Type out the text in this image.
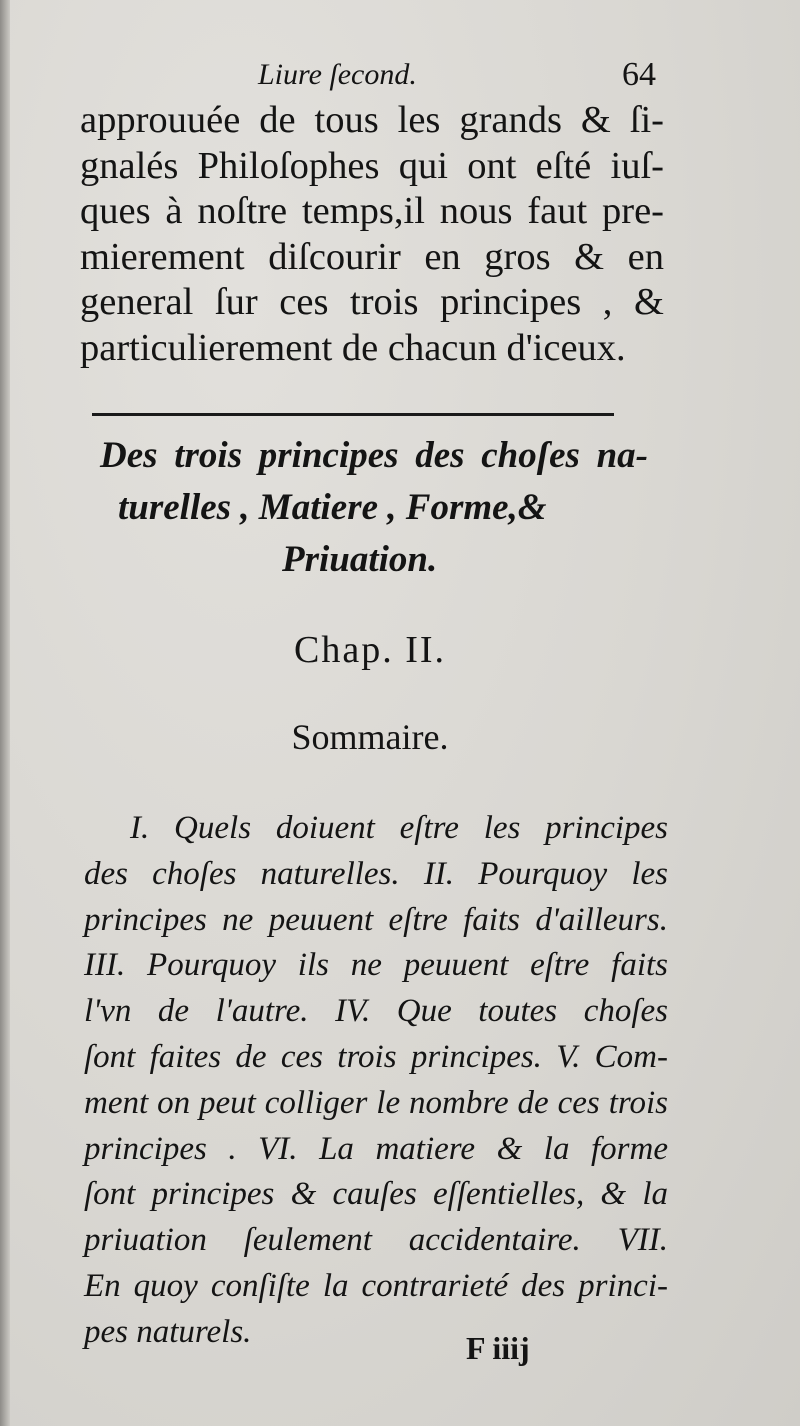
Liure ſecond.	64
approuuée de tous les grands & ſi-
gnalés Philoſophes qui ont eſté iuſ-
ques à noſtre temps,il nous faut pre-
mierement diſcourir en gros & en
general ſur ces trois principes , &
particulierement de chacun d'iceux.
Des trois principes des choſes na-
turelles , Matiere , Forme,&
Priuation.
Chap. II.
Sommaire.
I. Quels doiuent eſtre les principes
des choſes naturelles. II. Pourquoy les
principes ne peuuent eſtre faits d'ailleurs.
III. Pourquoy ils ne peuuent eſtre faits
l'vn de l'autre. IV. Que toutes choſes
ſont faites de ces trois principes. V. Com-
ment on peut colliger le nombre de ces trois
principes . VI. La matiere & la forme
ſont principes & cauſes eſſentielles, & la
priuation ſeulement accidentaire. VII.
En quoy conſiſte la contrarieté des princi-
pes naturels.	F iiij
